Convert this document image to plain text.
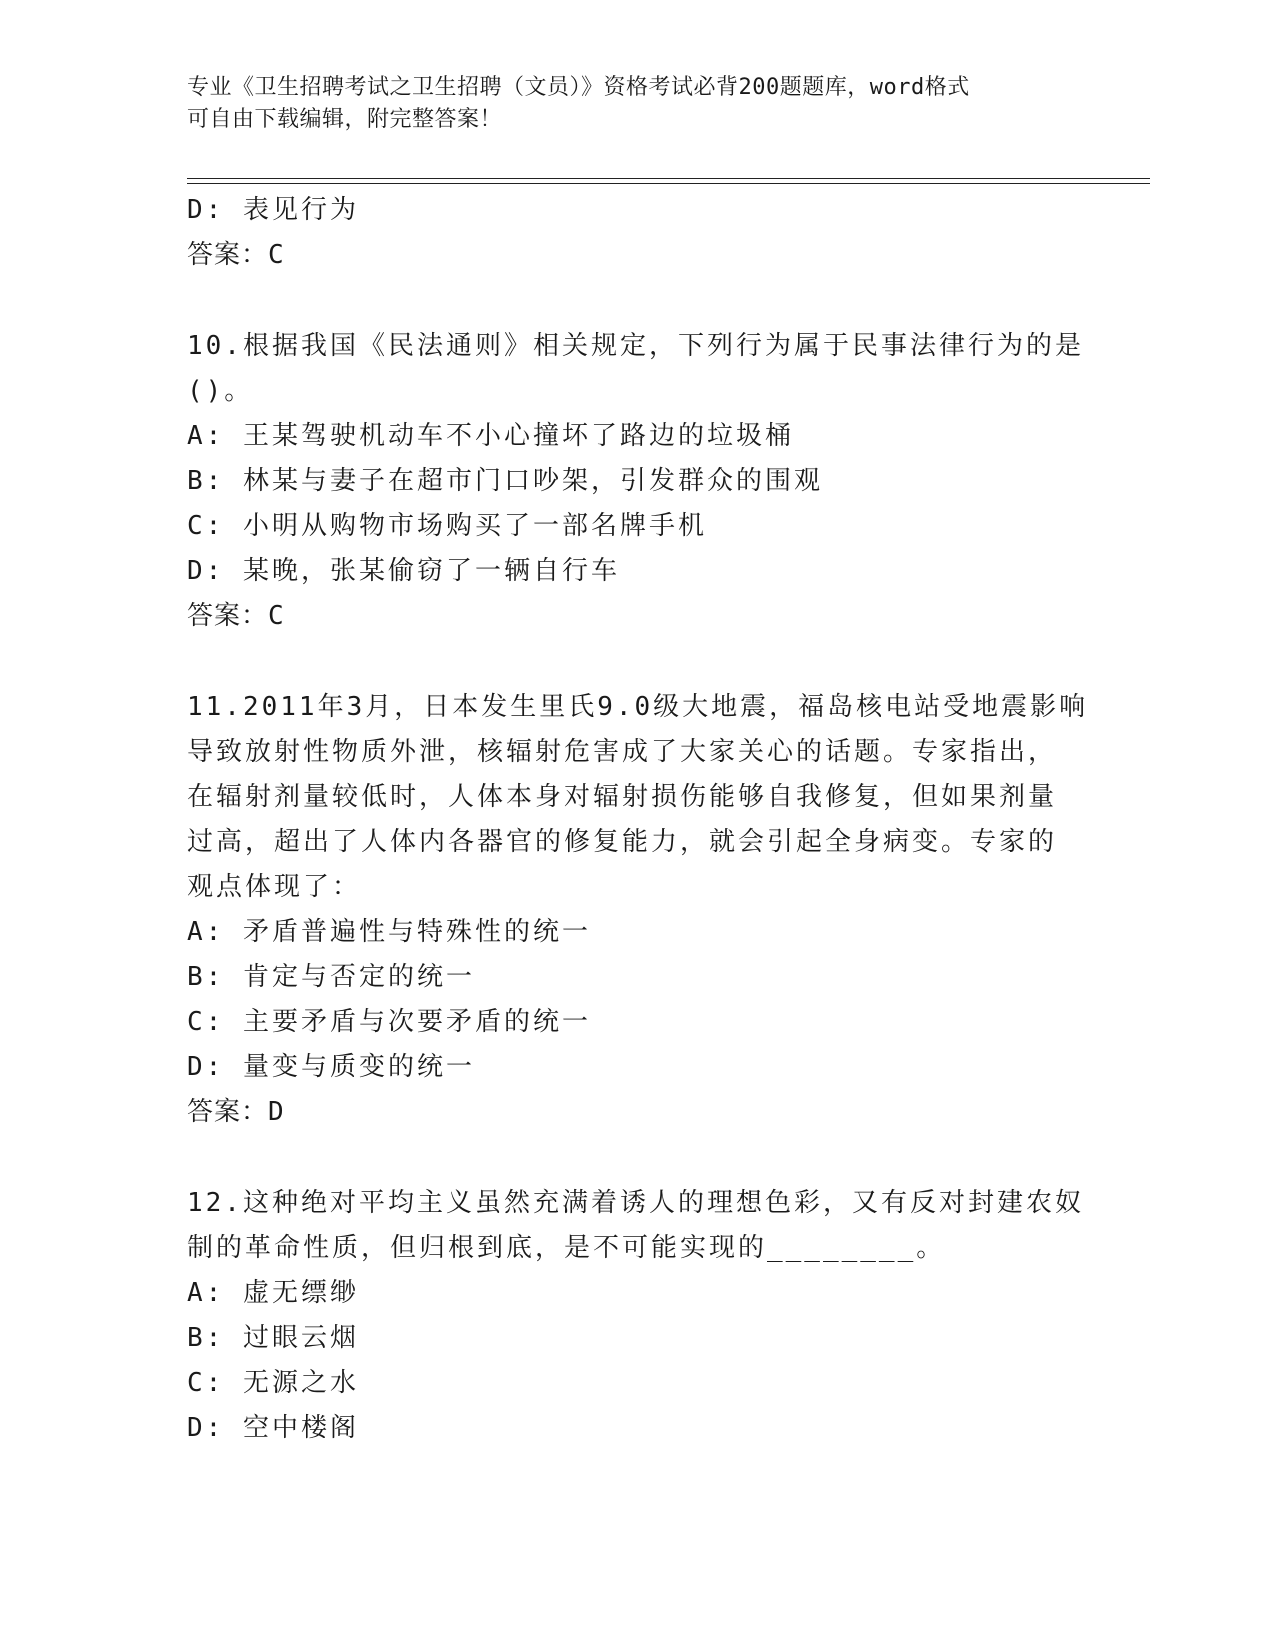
专业《卫生招聘考试之卫生招聘（文员）》资格考试必背200题题库，word格式
可自由下载编辑，附完整答案！
D: 表见行为
答案：C
10.根据我国《民法通则》相关规定，下列行为属于民事法律行为的是
()。
A: 王某驾驶机动车不小心撞坏了路边的垃圾桶
B: 林某与妻子在超市门口吵架，引发群众的围观
C: 小明从购物市场购买了一部名牌手机
D: 某晚，张某偷窃了一辆自行车
答案：C
11.2011年3月，日本发生里氏9.0级大地震，福岛核电站受地震影响
导致放射性物质外泄，核辐射危害成了大家关心的话题。专家指出，
在辐射剂量较低时，人体本身对辐射损伤能够自我修复，但如果剂量
过高，超出了人体内各器官的修复能力，就会引起全身病变。专家的
观点体现了：
A: 矛盾普遍性与特殊性的统一
B: 肯定与否定的统一
C: 主要矛盾与次要矛盾的统一
D: 量变与质变的统一
答案：D
12.这种绝对平均主义虽然充满着诱人的理想色彩，又有反对封建农奴
制的革命性质，但归根到底，是不可能实现的________。
A: 虚无缥缈
B: 过眼云烟
C: 无源之水
D: 空中楼阁
